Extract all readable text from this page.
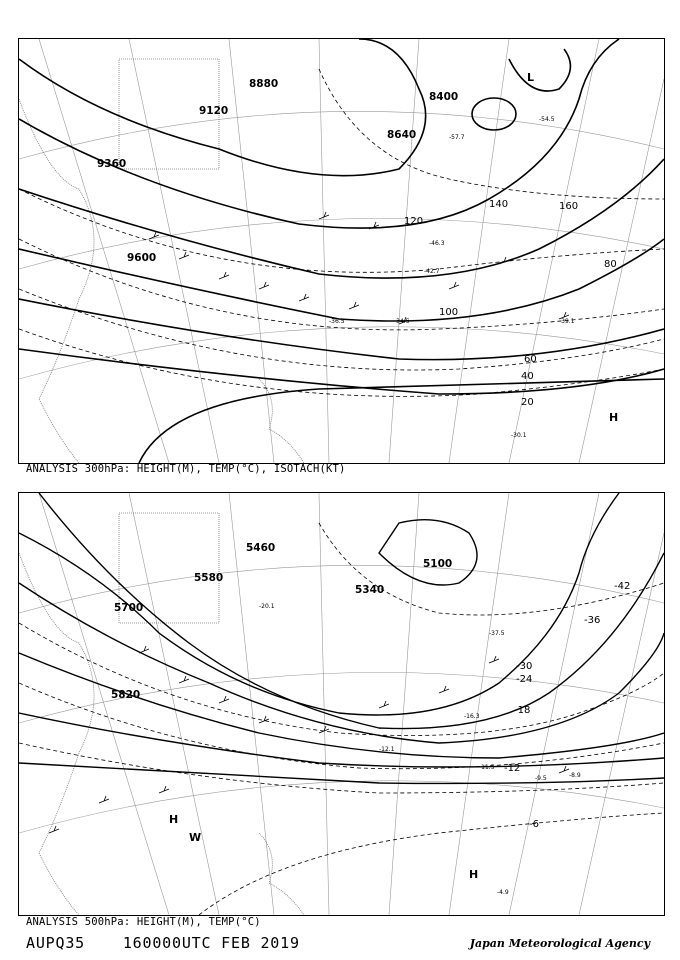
8880
9120
9360
9600
8400
8640
20
40
60
80
100
120
140	160
-30.1
-34.5
-36.5	-39.1
-42.7
-46.3
-54.5
-57.7
L
H
ANALYSIS 300hPa: HEIGHT(M), TEMP(°C), ISOTACH(KT)
5460
5580
5700
5820
5100
5340
-6
-12
-18
-24
-30
-36
-42
-4.9
-8.9
-9.5
-11.5
-12.1
-16.3
-20.1
-37.5
H
W
H
ANALYSIS 500hPa: HEIGHT(M), TEMP(°C)
AUPQ35	160000UTC FEB 2019	Japan Meteorological Agency
